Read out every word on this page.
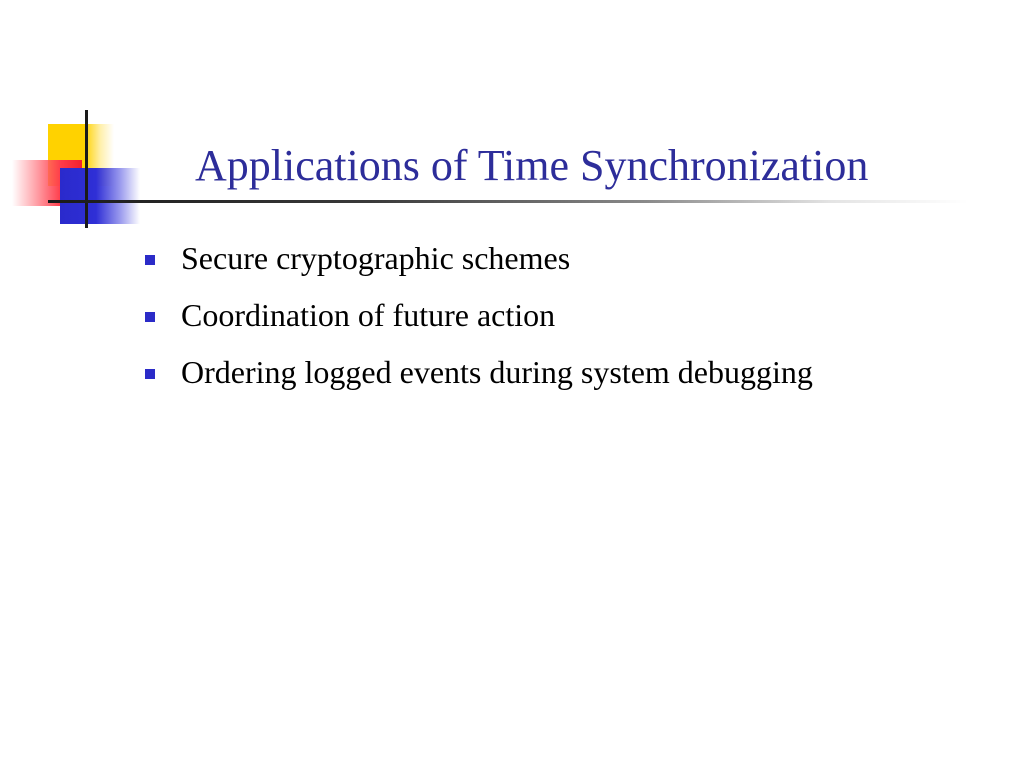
Applications of Time Synchronization
Secure cryptographic schemes
Coordination of future action
Ordering logged events during system debugging
